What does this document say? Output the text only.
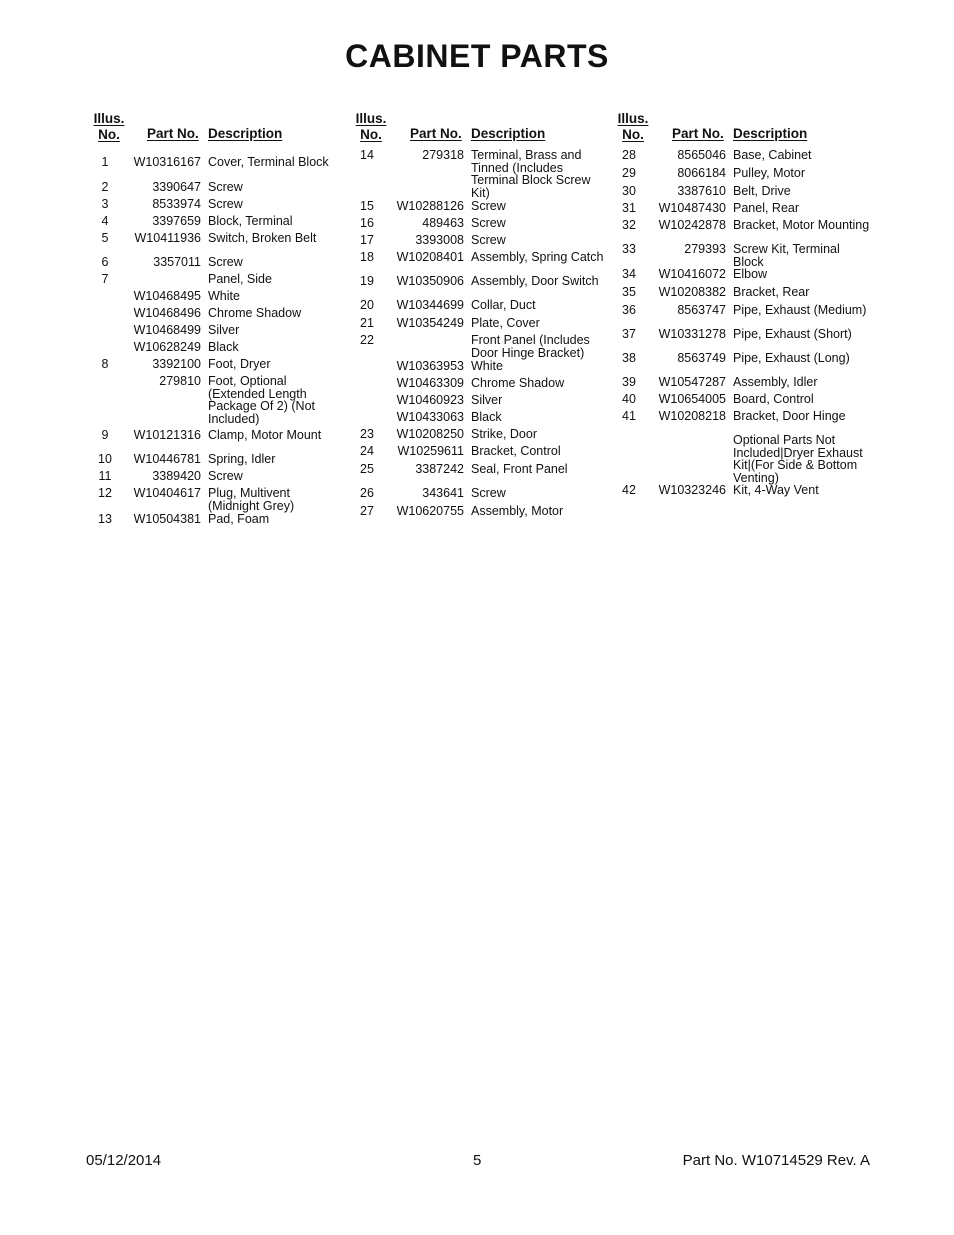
CABINET PARTS
Illus.
No.	Part No. Description
1	W10316167 Cover, Terminal Block
2	3390647 Screw
3	8533974 Screw
4	3397659 Block, Terminal
5	W10411936 Switch, Broken Belt
6	3357011 Screw
7	Panel, Side
W10468495 White
W10468496 Chrome Shadow
W10468499 Silver
W10628249 Black
8	3392100 Foot, Dryer
279810 Foot, Optional (Extended Length Package Of 2) (Not Included)
9	W10121316 Clamp, Motor Mount
10	W10446781 Spring, Idler
11	3389420 Screw
12	W10404617 Plug, Multivent (Midnight Grey)
13	W10504381 Pad, Foam
Illus.
No.	Part No. Description
14	279318 Terminal, Brass and Tinned (Includes Terminal Block Screw Kit)
15	W10288126 Screw
16	489463 Screw
17	3393008 Screw
18	W10208401 Assembly, Spring Catch
19	W10350906 Assembly, Door Switch
20	W10344699 Collar, Duct
21	W10354249 Plate, Cover
22	Front Panel (Includes Door Hinge Bracket)
W10363953 White
W10463309 Chrome Shadow
W10460923 Silver
W10433063 Black
23	W10208250 Strike, Door
24	W10259611 Bracket, Control
25	3387242 Seal, Front Panel
26	343641 Screw
27	W10620755 Assembly, Motor
Illus.
No.	Part No. Description
28	8565046 Base, Cabinet
29	8066184 Pulley, Motor
30	3387610 Belt, Drive
31	W10487430 Panel, Rear
32	W10242878 Bracket, Motor Mounting
33	279393 Screw Kit, Terminal Block
34	W10416072 Elbow
35	W10208382 Bracket, Rear
36	8563747 Pipe, Exhaust (Medium)
37	W10331278 Pipe, Exhaust (Short)
38	8563749 Pipe, Exhaust (Long)
39	W10547287 Assembly, Idler
40	W10654005 Board, Control
41	W10208218 Bracket, Door Hinge
Optional Parts Not Included|Dryer Exhaust Kit|(For Side & Bottom Venting)
42	W10323246 Kit, 4-Way Vent
05/12/2014	5	Part No. W10714529 Rev. A
